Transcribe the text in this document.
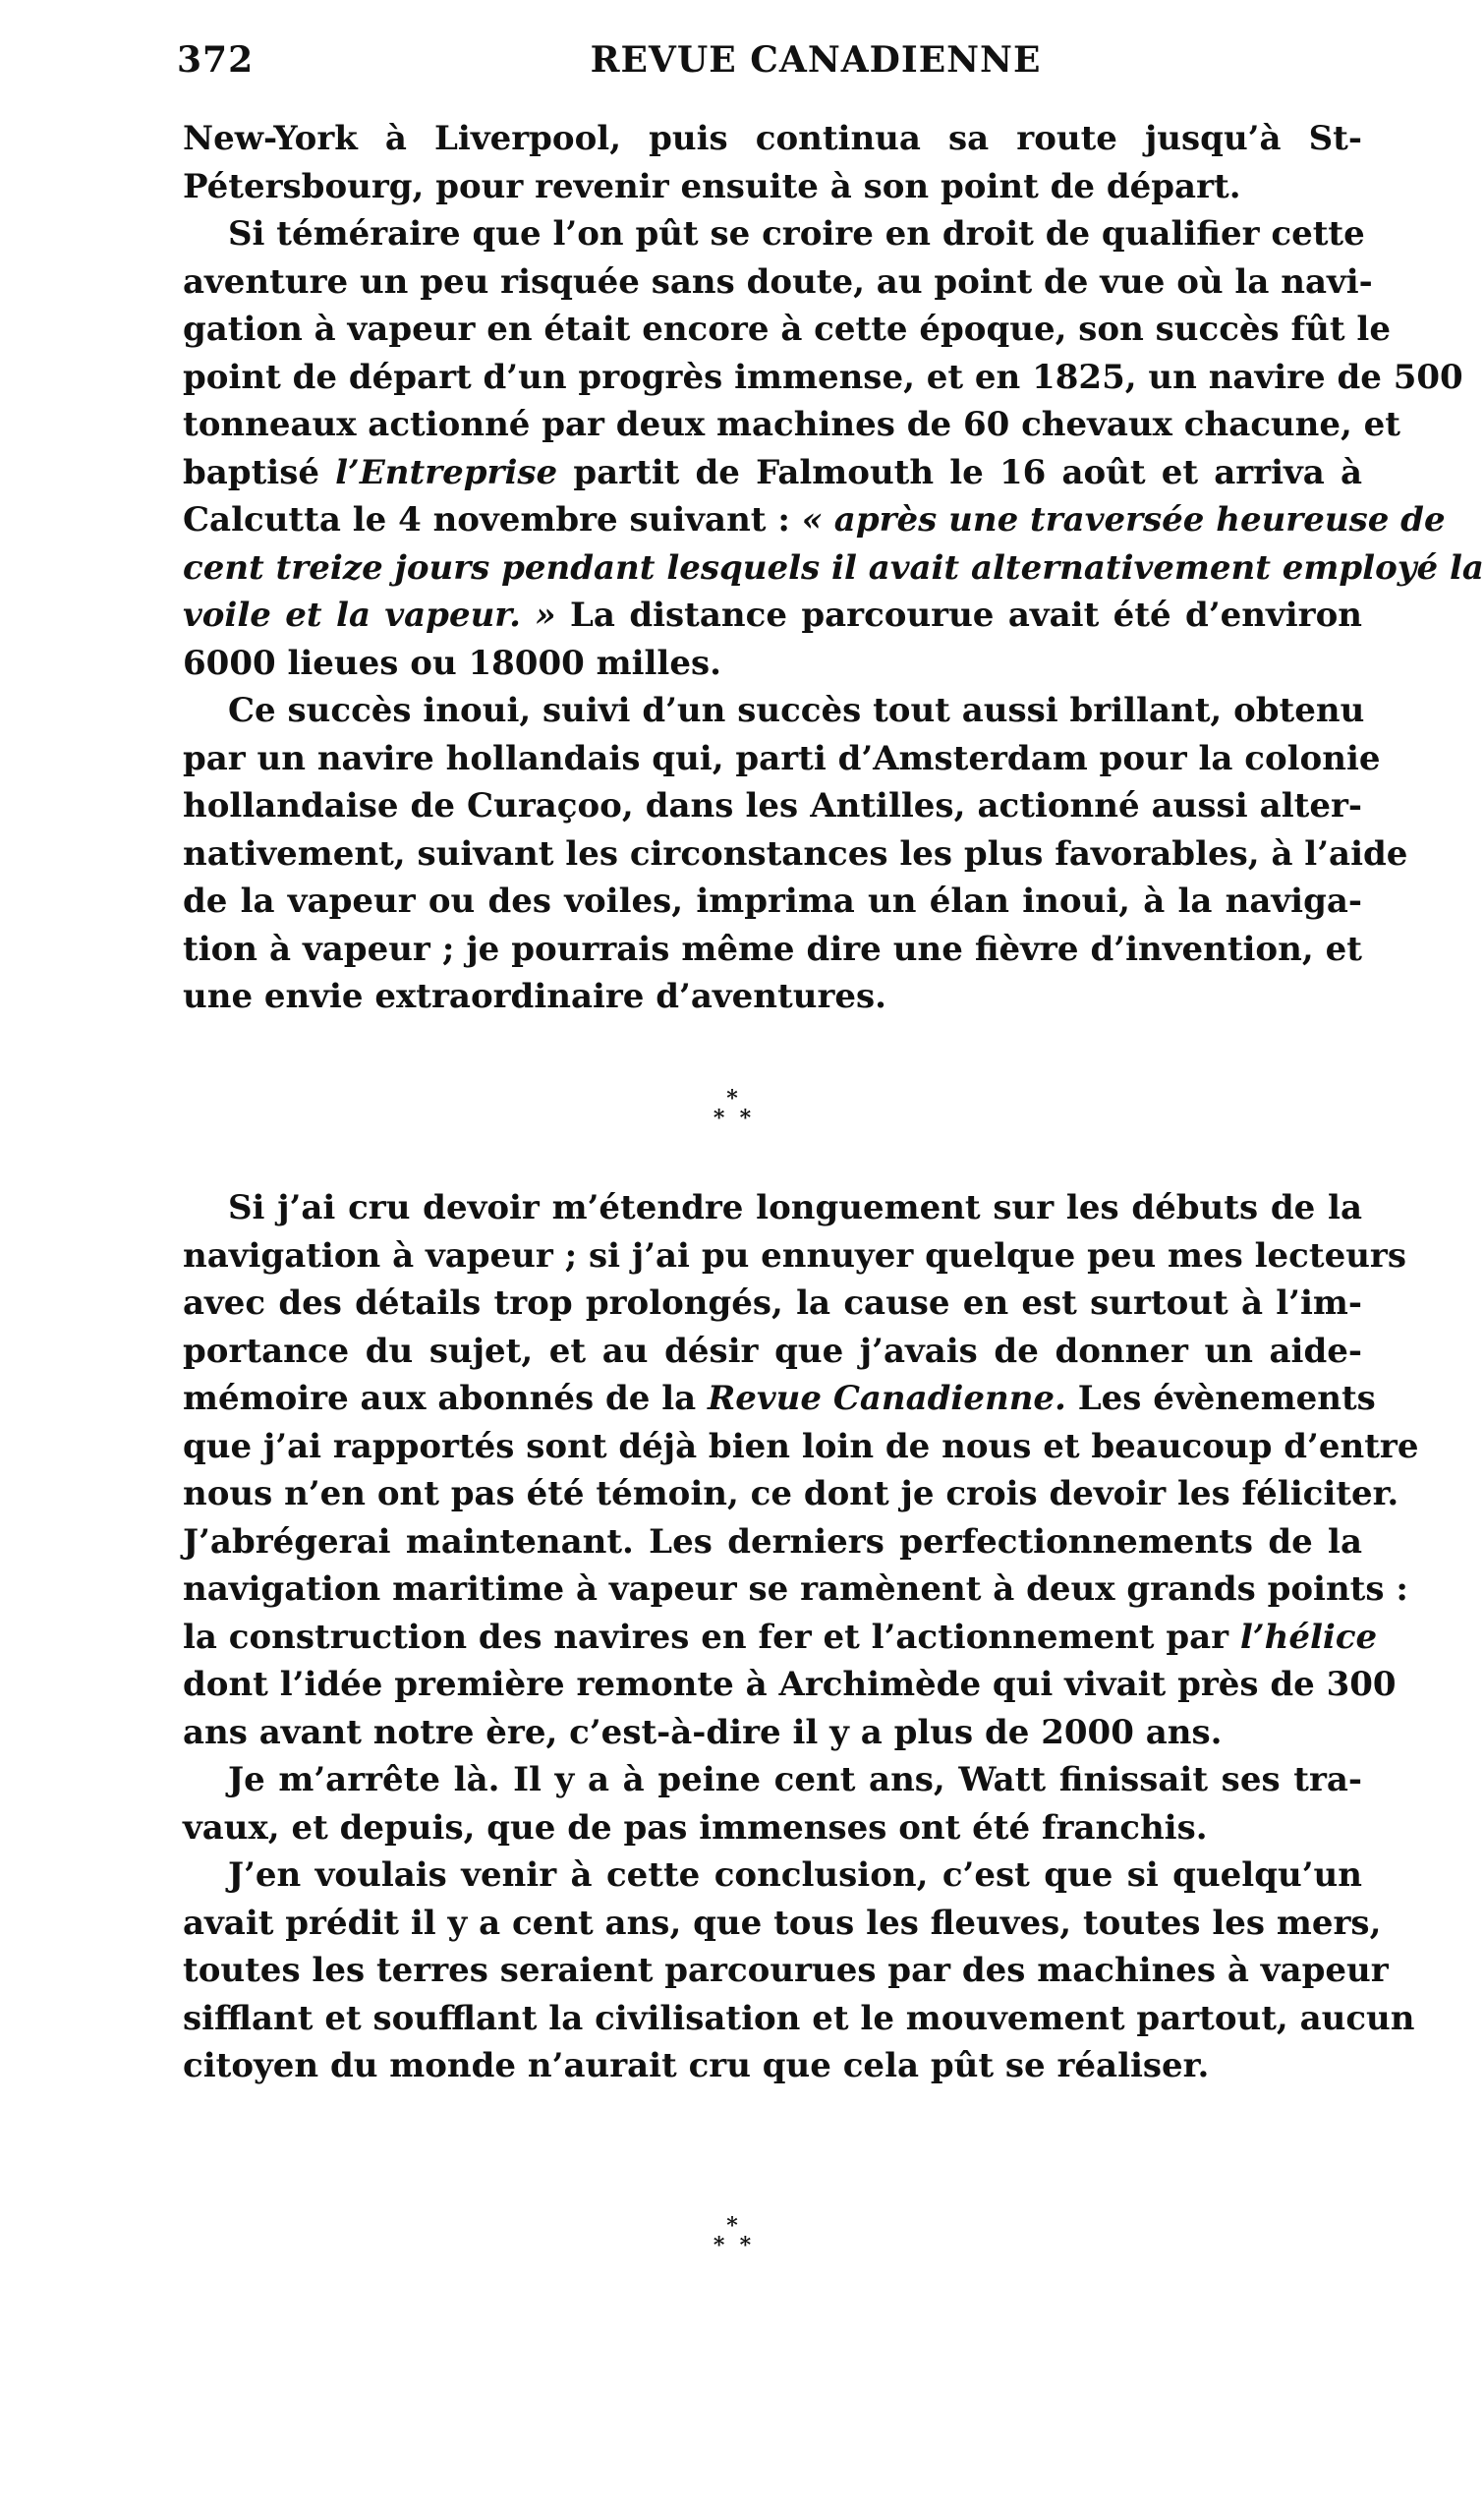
372	REVUE CANADIENNE
New-York à Liverpool, puis continua sa route jusqu’à St-
Pétersbourg, pour revenir ensuite à son point de départ.
Si téméraire que l’on pût se croire en droit de qualifier cette
aventure un peu risquée sans doute, au point de vue où la navi-
gation à vapeur en était encore à cette époque, son succès fût le
point de départ d’un progrès immense, et en 1825, un navire de 500
tonneaux actionné par deux machines de 60 chevaux chacune, et
baptisé l’Entreprise partit de Falmouth le 16 août et arriva à
Calcutta le 4 novembre suivant : « après une traversée heureuse de
cent treize jours pendant lesquels il avait alternativement employé la
voile et la vapeur. » La distance parcourue avait été d’environ
6000 lieues ou 18000 milles.
Ce succès inoui, suivi d’un succès tout aussi brillant, obtenu
par un navire hollandais qui, parti d’Amsterdam pour la colonie
hollandaise de Curaçoo, dans les Antilles, actionné aussi alter-
nativement, suivant les circonstances les plus favorables, à l’aide
de la vapeur ou des voiles, imprima un élan inoui, à la naviga-
tion à vapeur ; je pourrais même dire une fièvre d’invention, et
une envie extraordinaire d’aventures.
*
* *
Si j’ai cru devoir m’étendre longuement sur les débuts de la
navigation à vapeur ; si j’ai pu ennuyer quelque peu mes lecteurs
avec des détails trop prolongés, la cause en est surtout à l’im-
portance du sujet, et au désir que j’avais de donner un aide-
mémoire aux abonnés de la Revue Canadienne. Les évènements
que j’ai rapportés sont déjà bien loin de nous et beaucoup d’entre
nous n’en ont pas été témoin, ce dont je crois devoir les féliciter.
J’abrégerai maintenant. Les derniers perfectionnements de la
navigation maritime à vapeur se ramènent à deux grands points :
la construction des navires en fer et l’actionnement par l’hélice
dont l’idée première remonte à Archimède qui vivait près de 300
ans avant notre ère, c’est-à-dire il y a plus de 2000 ans.
Je m’arrête là. Il y a à peine cent ans, Watt finissait ses tra-
vaux, et depuis, que de pas immenses ont été franchis.
J’en voulais venir à cette conclusion, c’est que si quelqu’un
avait prédit il y a cent ans, que tous les fleuves, toutes les mers,
toutes les terres seraient parcourues par des machines à vapeur
sifflant et soufflant la civilisation et le mouvement partout, aucun
citoyen du monde n’aurait cru que cela pût se réaliser.
*
* *
